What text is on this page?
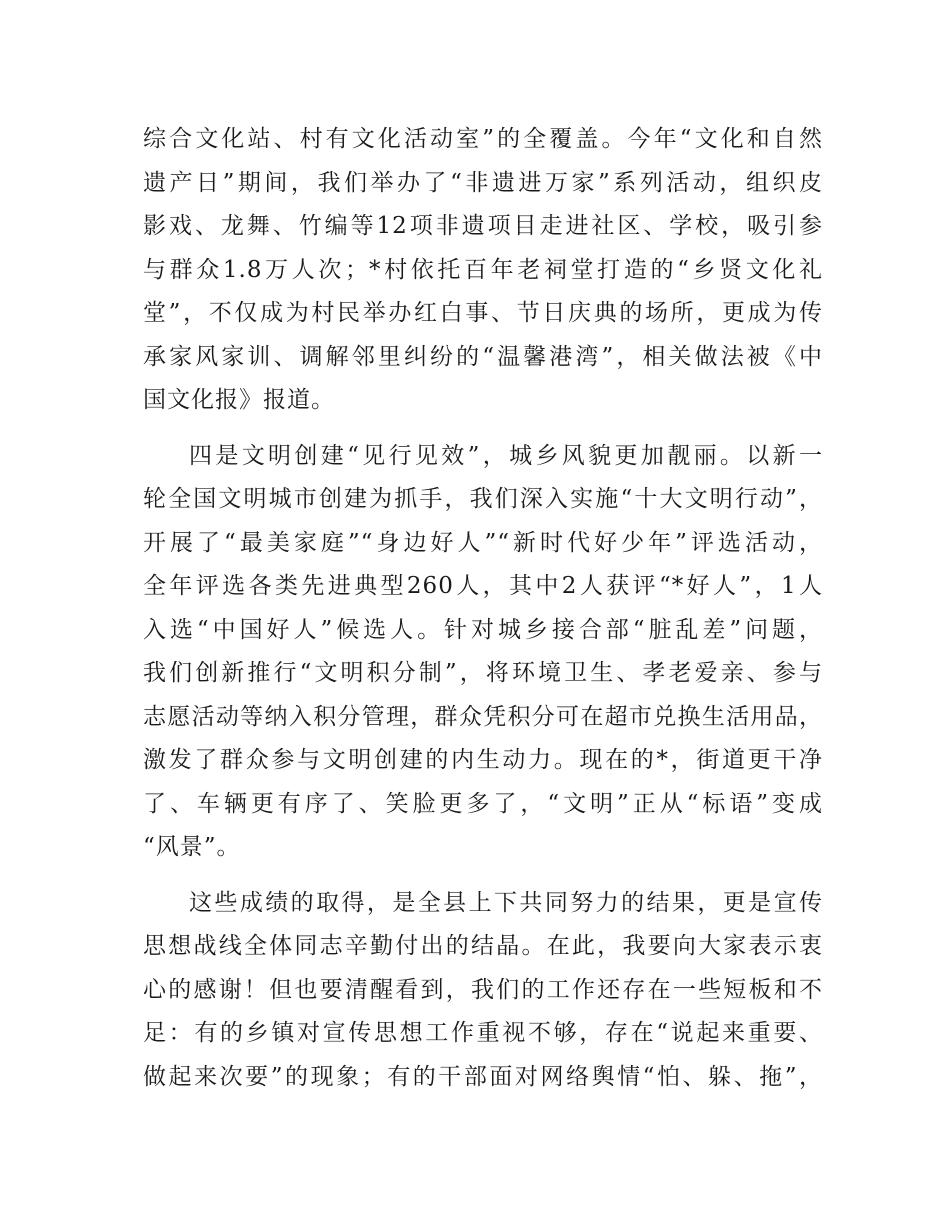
综合文化站、村有文化活动室”的全覆盖。今年“文化和自然
遗产日”期间，我们举办了“非遗进万家”系列活动，组织皮
影戏、龙舞、竹编等12项非遗项目走进社区、学校，吸引参
与群众1.8万人次；*村依托百年老祠堂打造的“乡贤文化礼
堂”，不仅成为村民举办红白事、节日庆典的场所，更成为传
承家风家训、调解邻里纠纷的“温馨港湾”，相关做法被《中
国文化报》报道。
四是文明创建“见行见效”，城乡风貌更加靓丽。以新一
轮全国文明城市创建为抓手，我们深入实施“十大文明行动”，
开展了“最美家庭”“身边好人”“新时代好少年”评选活动，
全年评选各类先进典型260人，其中2人获评“*好人”，1人
入选“中国好人”候选人。针对城乡接合部“脏乱差”问题，
我们创新推行“文明积分制”，将环境卫生、孝老爱亲、参与
志愿活动等纳入积分管理，群众凭积分可在超市兑换生活用品，
激发了群众参与文明创建的内生动力。现在的*，街道更干净
了、车辆更有序了、笑脸更多了，“文明”正从“标语”变成
“风景”。
这些成绩的取得，是全县上下共同努力的结果，更是宣传
思想战线全体同志辛勤付出的结晶。在此，我要向大家表示衷
心的感谢！但也要清醒看到，我们的工作还存在一些短板和不
足：有的乡镇对宣传思想工作重视不够，存在“说起来重要、
做起来次要”的现象；有的干部面对网络舆情“怕、躲、拖”，
